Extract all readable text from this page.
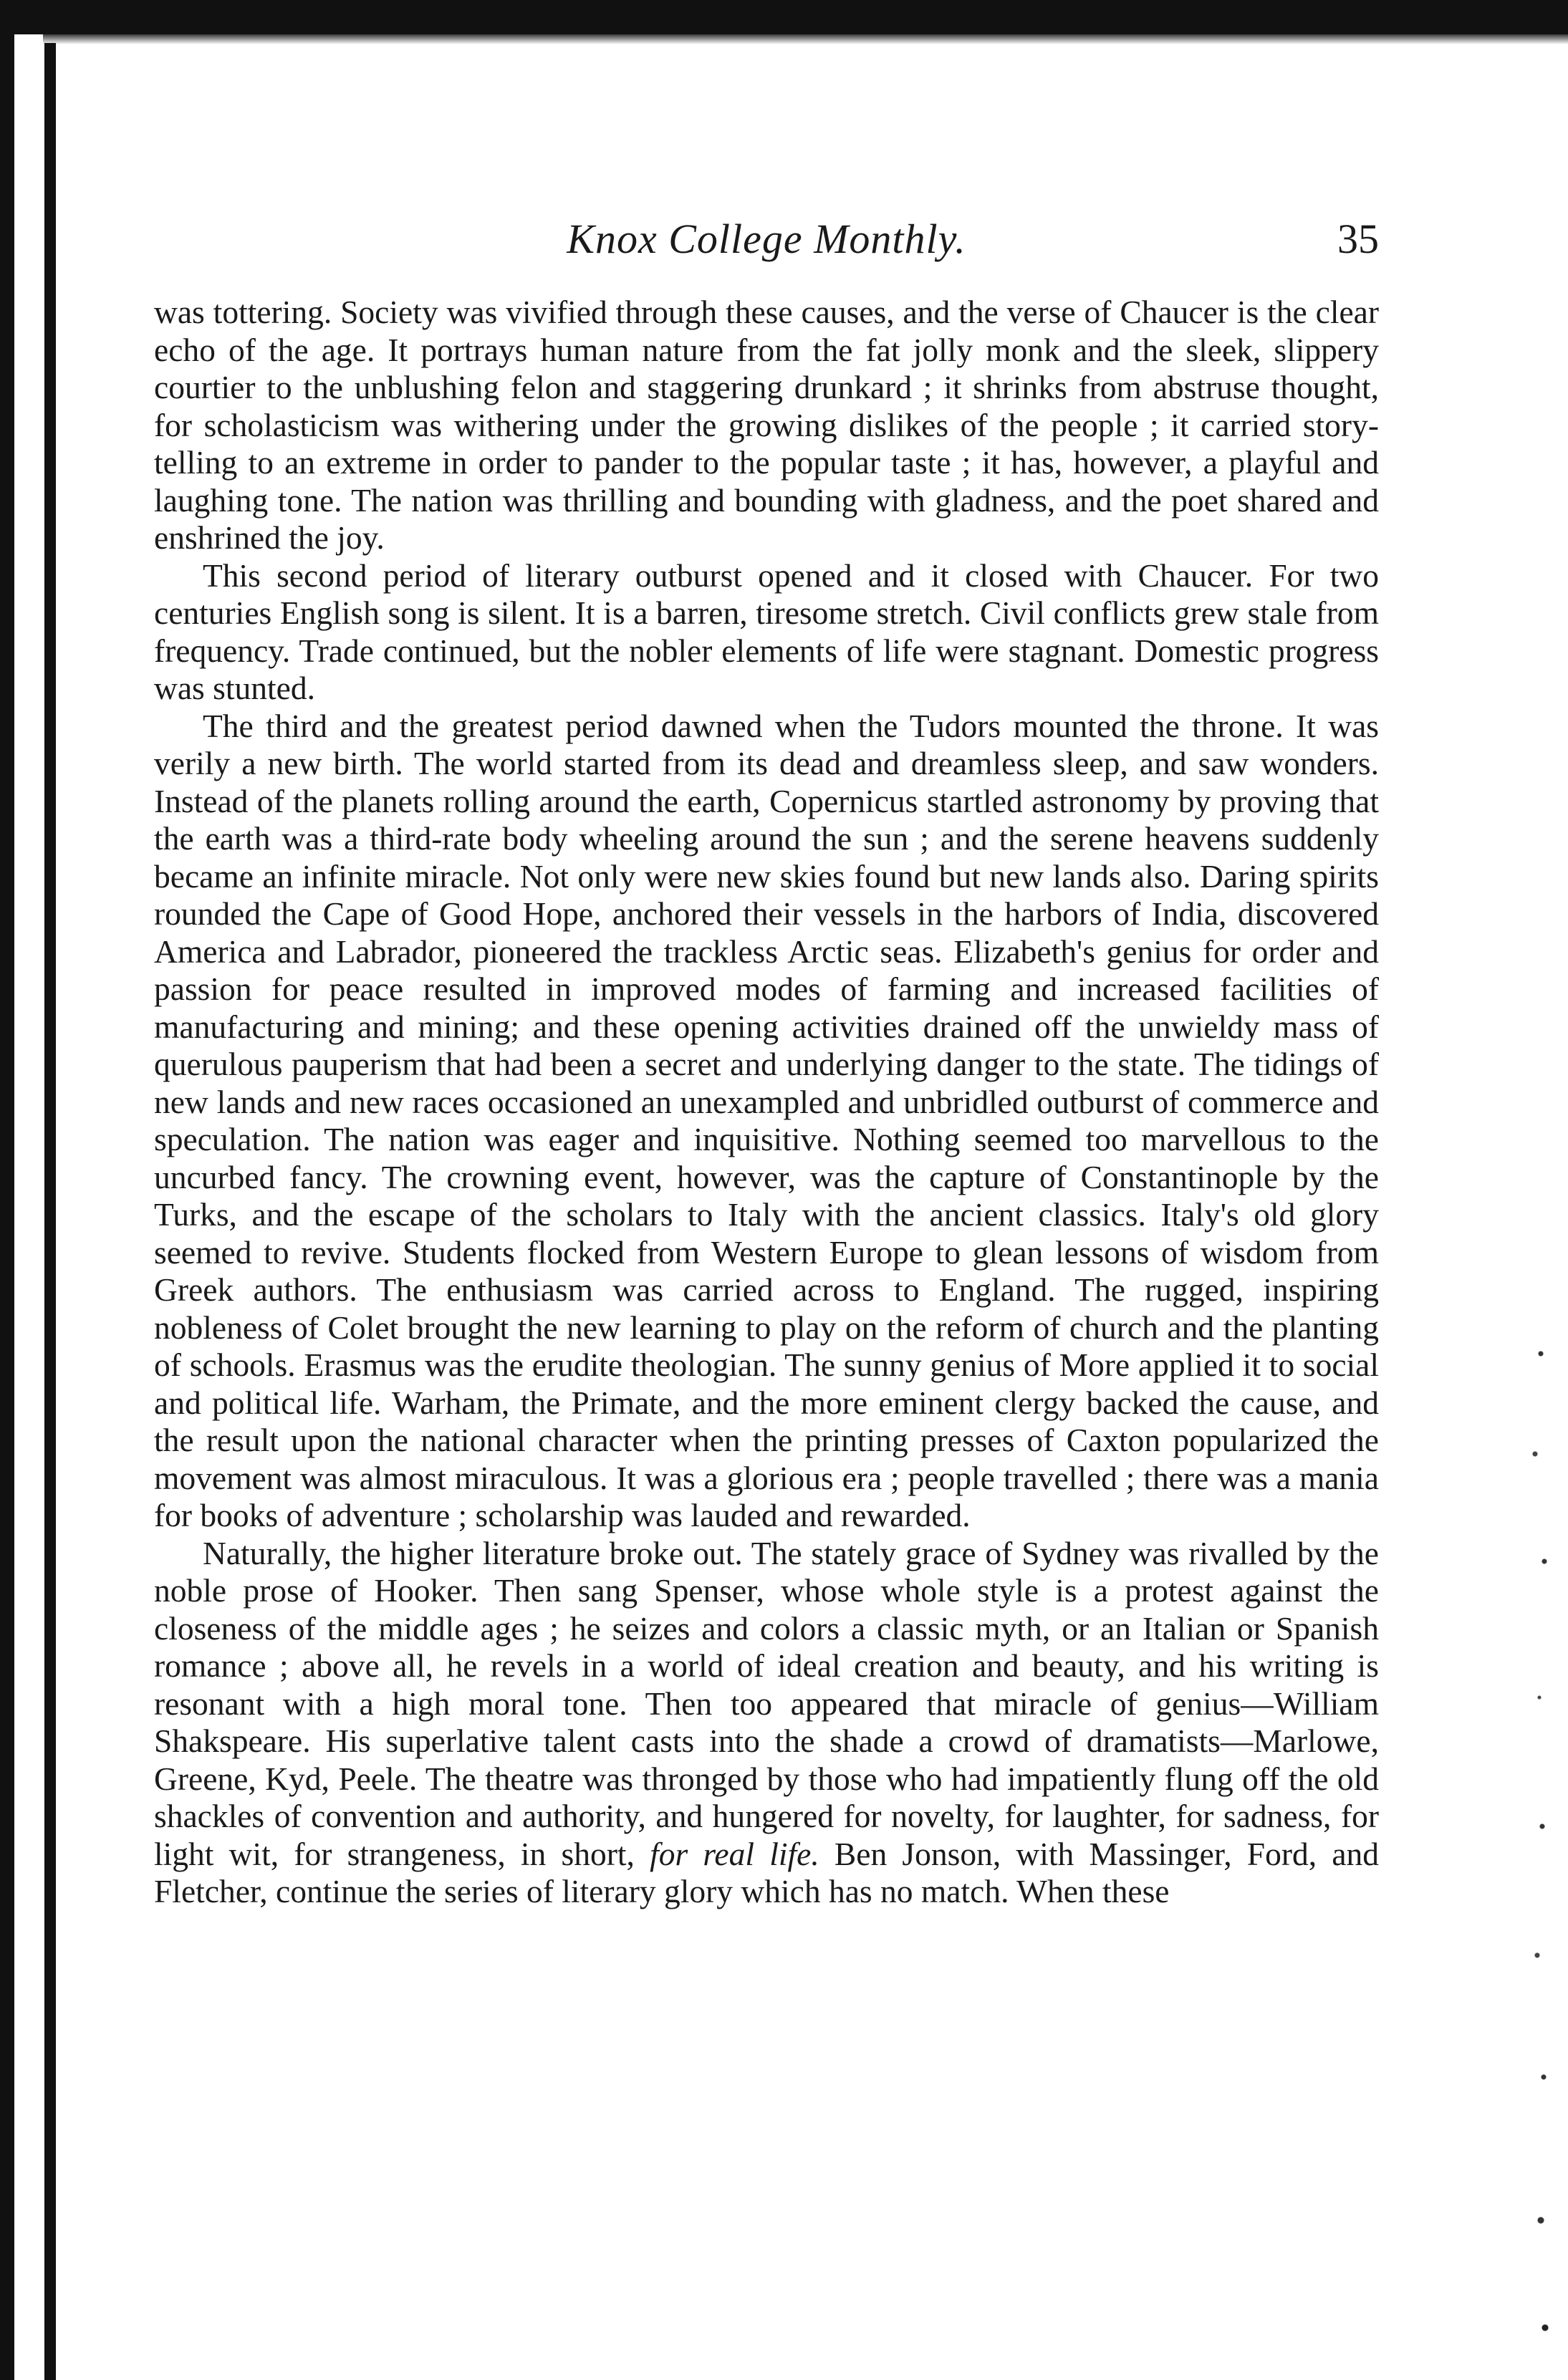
Knox College Monthly.	35

was tottering. Society was vivified through these causes, and the verse of Chaucer is the clear echo of the age. It portrays human nature from the fat jolly monk and the sleek, slippery courtier to the unblushing felon and staggering drunkard ; it shrinks from abstruse thought, for scholasticism was withering under the growing dislikes of the people ; it carried story-telling to an extreme in order to pander to the popular taste ; it has, however, a playful and laughing tone. The nation was thrilling and bounding with gladness, and the poet shared and enshrined the joy.

This second period of literary outburst opened and it closed with Chaucer. For two centuries English song is silent. It is a barren, tiresome stretch. Civil conflicts grew stale from frequency. Trade continued, but the nobler elements of life were stagnant. Domestic progress was stunted.

The third and the greatest period dawned when the Tudors mounted the throne. It was verily a new birth. The world started from its dead and dreamless sleep, and saw wonders. Instead of the planets rolling around the earth, Copernicus startled astronomy by proving that the earth was a third-rate body wheeling around the sun ; and the serene heavens suddenly became an infinite miracle. Not only were new skies found but new lands also. Daring spirits rounded the Cape of Good Hope, anchored their vessels in the harbors of India, discovered America and Labrador, pioneered the trackless Arctic seas. Elizabeth's genius for order and passion for peace resulted in improved modes of farming and increased facilities of manufacturing and mining; and these opening activities drained off the unwieldy mass of querulous pauperism that had been a secret and underlying danger to the state. The tidings of new lands and new races occasioned an unexampled and unbridled outburst of commerce and speculation. The nation was eager and inquisitive. Nothing seemed too marvellous to the uncurbed fancy. The crowning event, however, was the capture of Constantinople by the Turks, and the escape of the scholars to Italy with the ancient classics. Italy's old glory seemed to revive. Students flocked from Western Europe to glean lessons of wisdom from Greek authors. The enthusiasm was carried across to England. The rugged, inspiring nobleness of Colet brought the new learning to play on the reform of church and the planting of schools. Erasmus was the erudite theologian. The sunny genius of More applied it to social and political life. Warham, the Primate, and the more eminent clergy backed the cause, and the result upon the national character when the printing presses of Caxton popularized the movement was almost miraculous. It was a glorious era ; people travelled ; there was a mania for books of adventure ; scholarship was lauded and rewarded.

Naturally, the higher literature broke out. The stately grace of Sydney was rivalled by the noble prose of Hooker. Then sang Spenser, whose whole style is a protest against the closeness of the middle ages ; he seizes and colors a classic myth, or an Italian or Spanish romance ; above all, he revels in a world of ideal creation and beauty, and his writing is resonant with a high moral tone. Then too appeared that miracle of genius—William Shakspeare. His superlative talent casts into the shade a crowd of dramatists—Marlowe, Greene, Kyd, Peele. The theatre was thronged by those who had impatiently flung off the old shackles of convention and authority, and hungered for novelty, for laughter, for sadness, for light wit, for strangeness, in short, for real life. Ben Jonson, with Massinger, Ford, and Fletcher, continue the series of literary glory which has no match. When these
